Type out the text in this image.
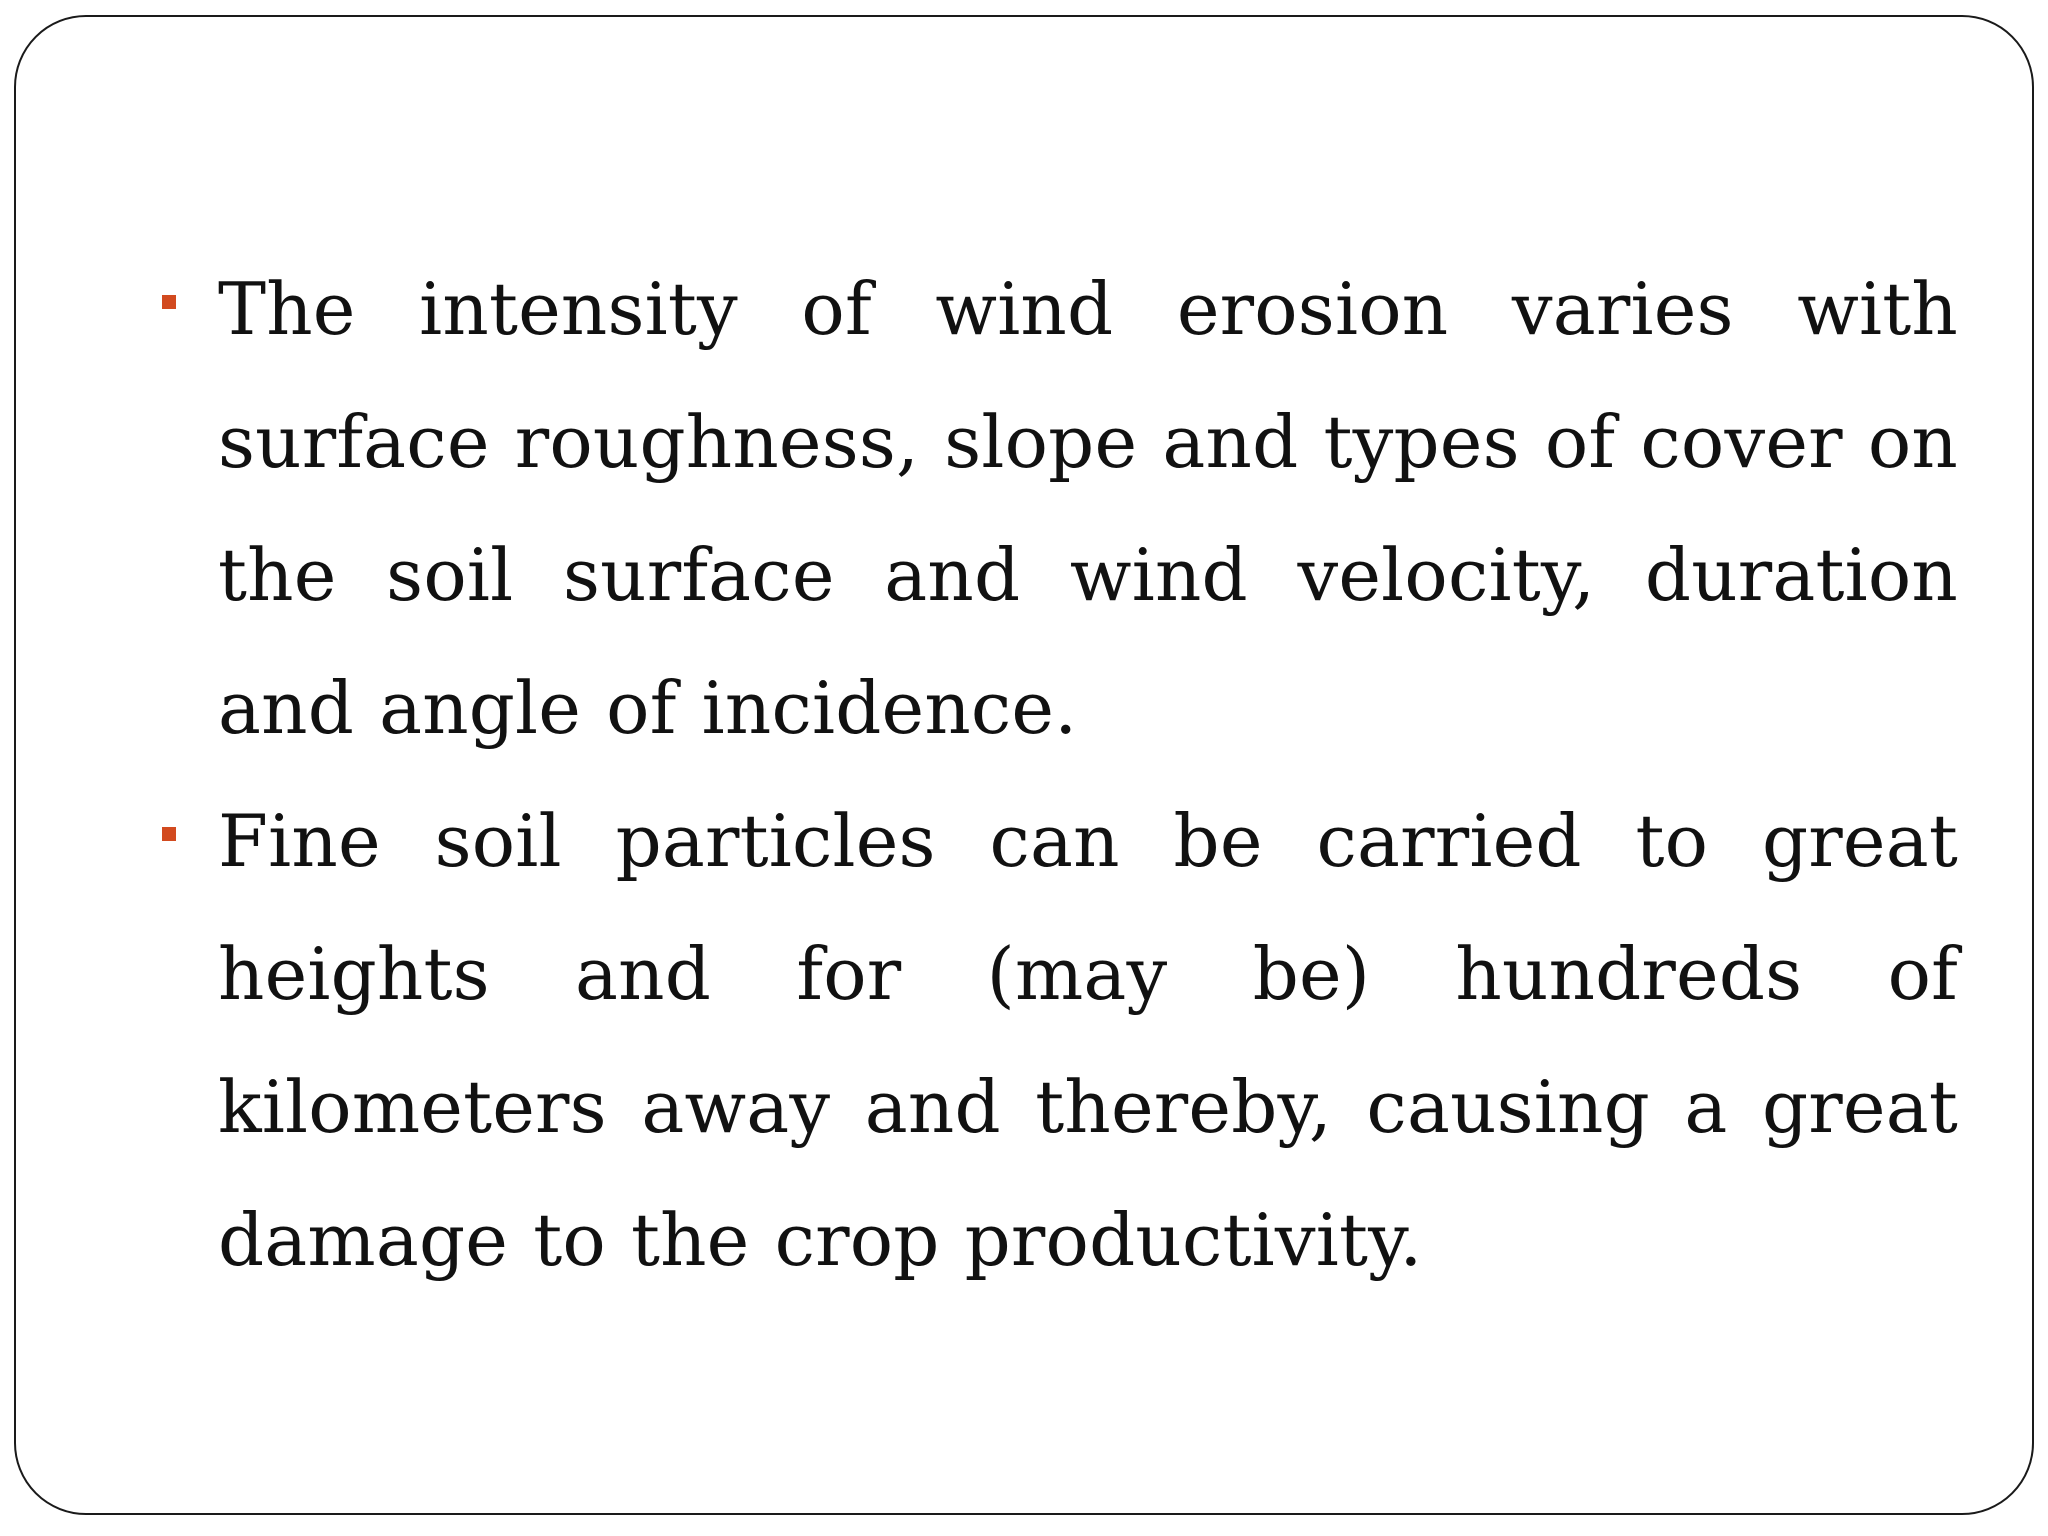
The intensity of wind erosion varies with surface roughness, slope and types of cover on the soil surface and wind velocity, duration and angle of incidence.
Fine soil particles can be carried to great heights and for (may be) hundreds of kilometers away and thereby, causing a great damage to the crop productivity.
